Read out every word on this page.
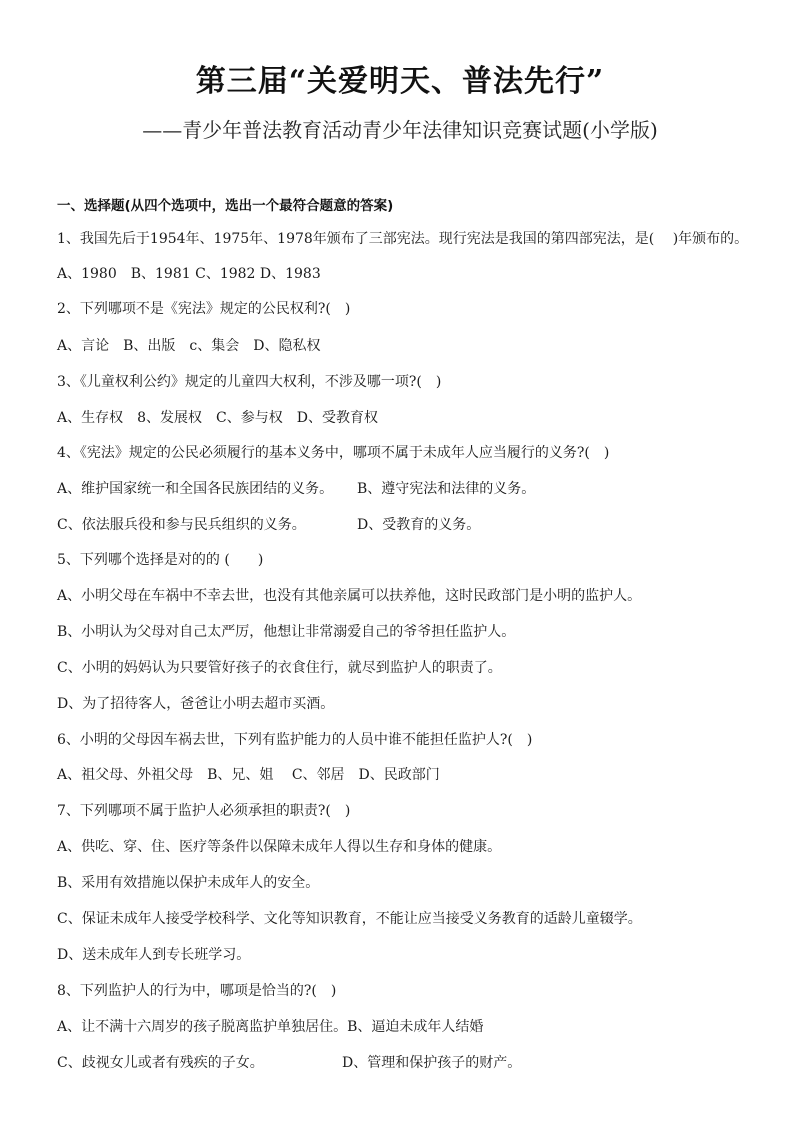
第三届“关爱明天、普法先行”
——青少年普法教育活动青少年法律知识竞赛试题(小学版)
一、选择题(从四个选项中，选出一个最符合题意的答案)
1、我国先后于1954年、1975年、1978年颁布了三部宪法。现行宪法是我国的第四部宪法，是(　 )年颁布的。
A、1980　B、1981 C、1982 D、1983
2、下列哪项不是《宪法》规定的公民权利?(　)
A、言论　B、出版　c、集会　D、隐私权
3、《儿童权利公约》规定的儿童四大权利，不涉及哪一项?(　)
A、生存权　8、发展权　C、参与权　D、受教育权
4、《宪法》规定的公民必须履行的基本义务中，哪项不属于未成年人应当履行的义务?(　)
A、维护国家统一和全国各民族团结的义务。 B、遵守宪法和法律的义务。
C、依法服兵役和参与民兵组织的义务。	D、受教育的义务。
5、下列哪个选择是对的的 (　　)
A、小明父母在车祸中不幸去世，也没有其他亲属可以扶养他，这时民政部门是小明的监护人。
B、小明认为父母对自己太严厉，他想让非常溺爱自己的爷爷担任监护人。
C、小明的妈妈认为只要管好孩子的衣食住行，就尽到监护人的职责了。
D、为了招待客人，爸爸让小明去超市买酒。
6、小明的父母因车祸去世，下列有监护能力的人员中谁不能担任监护人?(　)
A、祖父母、外祖父母　B、兄、姐　 C、邻居　D、民政部门
7、下列哪项不属于监护人必须承担的职责?(　)
A、供吃、穿、住、医疗等条件以保障未成年人得以生存和身体的健康。
B、采用有效措施以保护未成年人的安全。
C、保证未成年人接受学校科学、文化等知识教育，不能让应当接受义务教育的适龄儿童辍学。
D、送未成年人到专长班学习。
8、下列监护人的行为中，哪项是恰当的?(　)
A、让不满十六周岁的孩子脱离监护单独居住。B、逼迫未成年人结婚
C、歧视女儿或者有残疾的子女。	D、管理和保护孩子的财产。
